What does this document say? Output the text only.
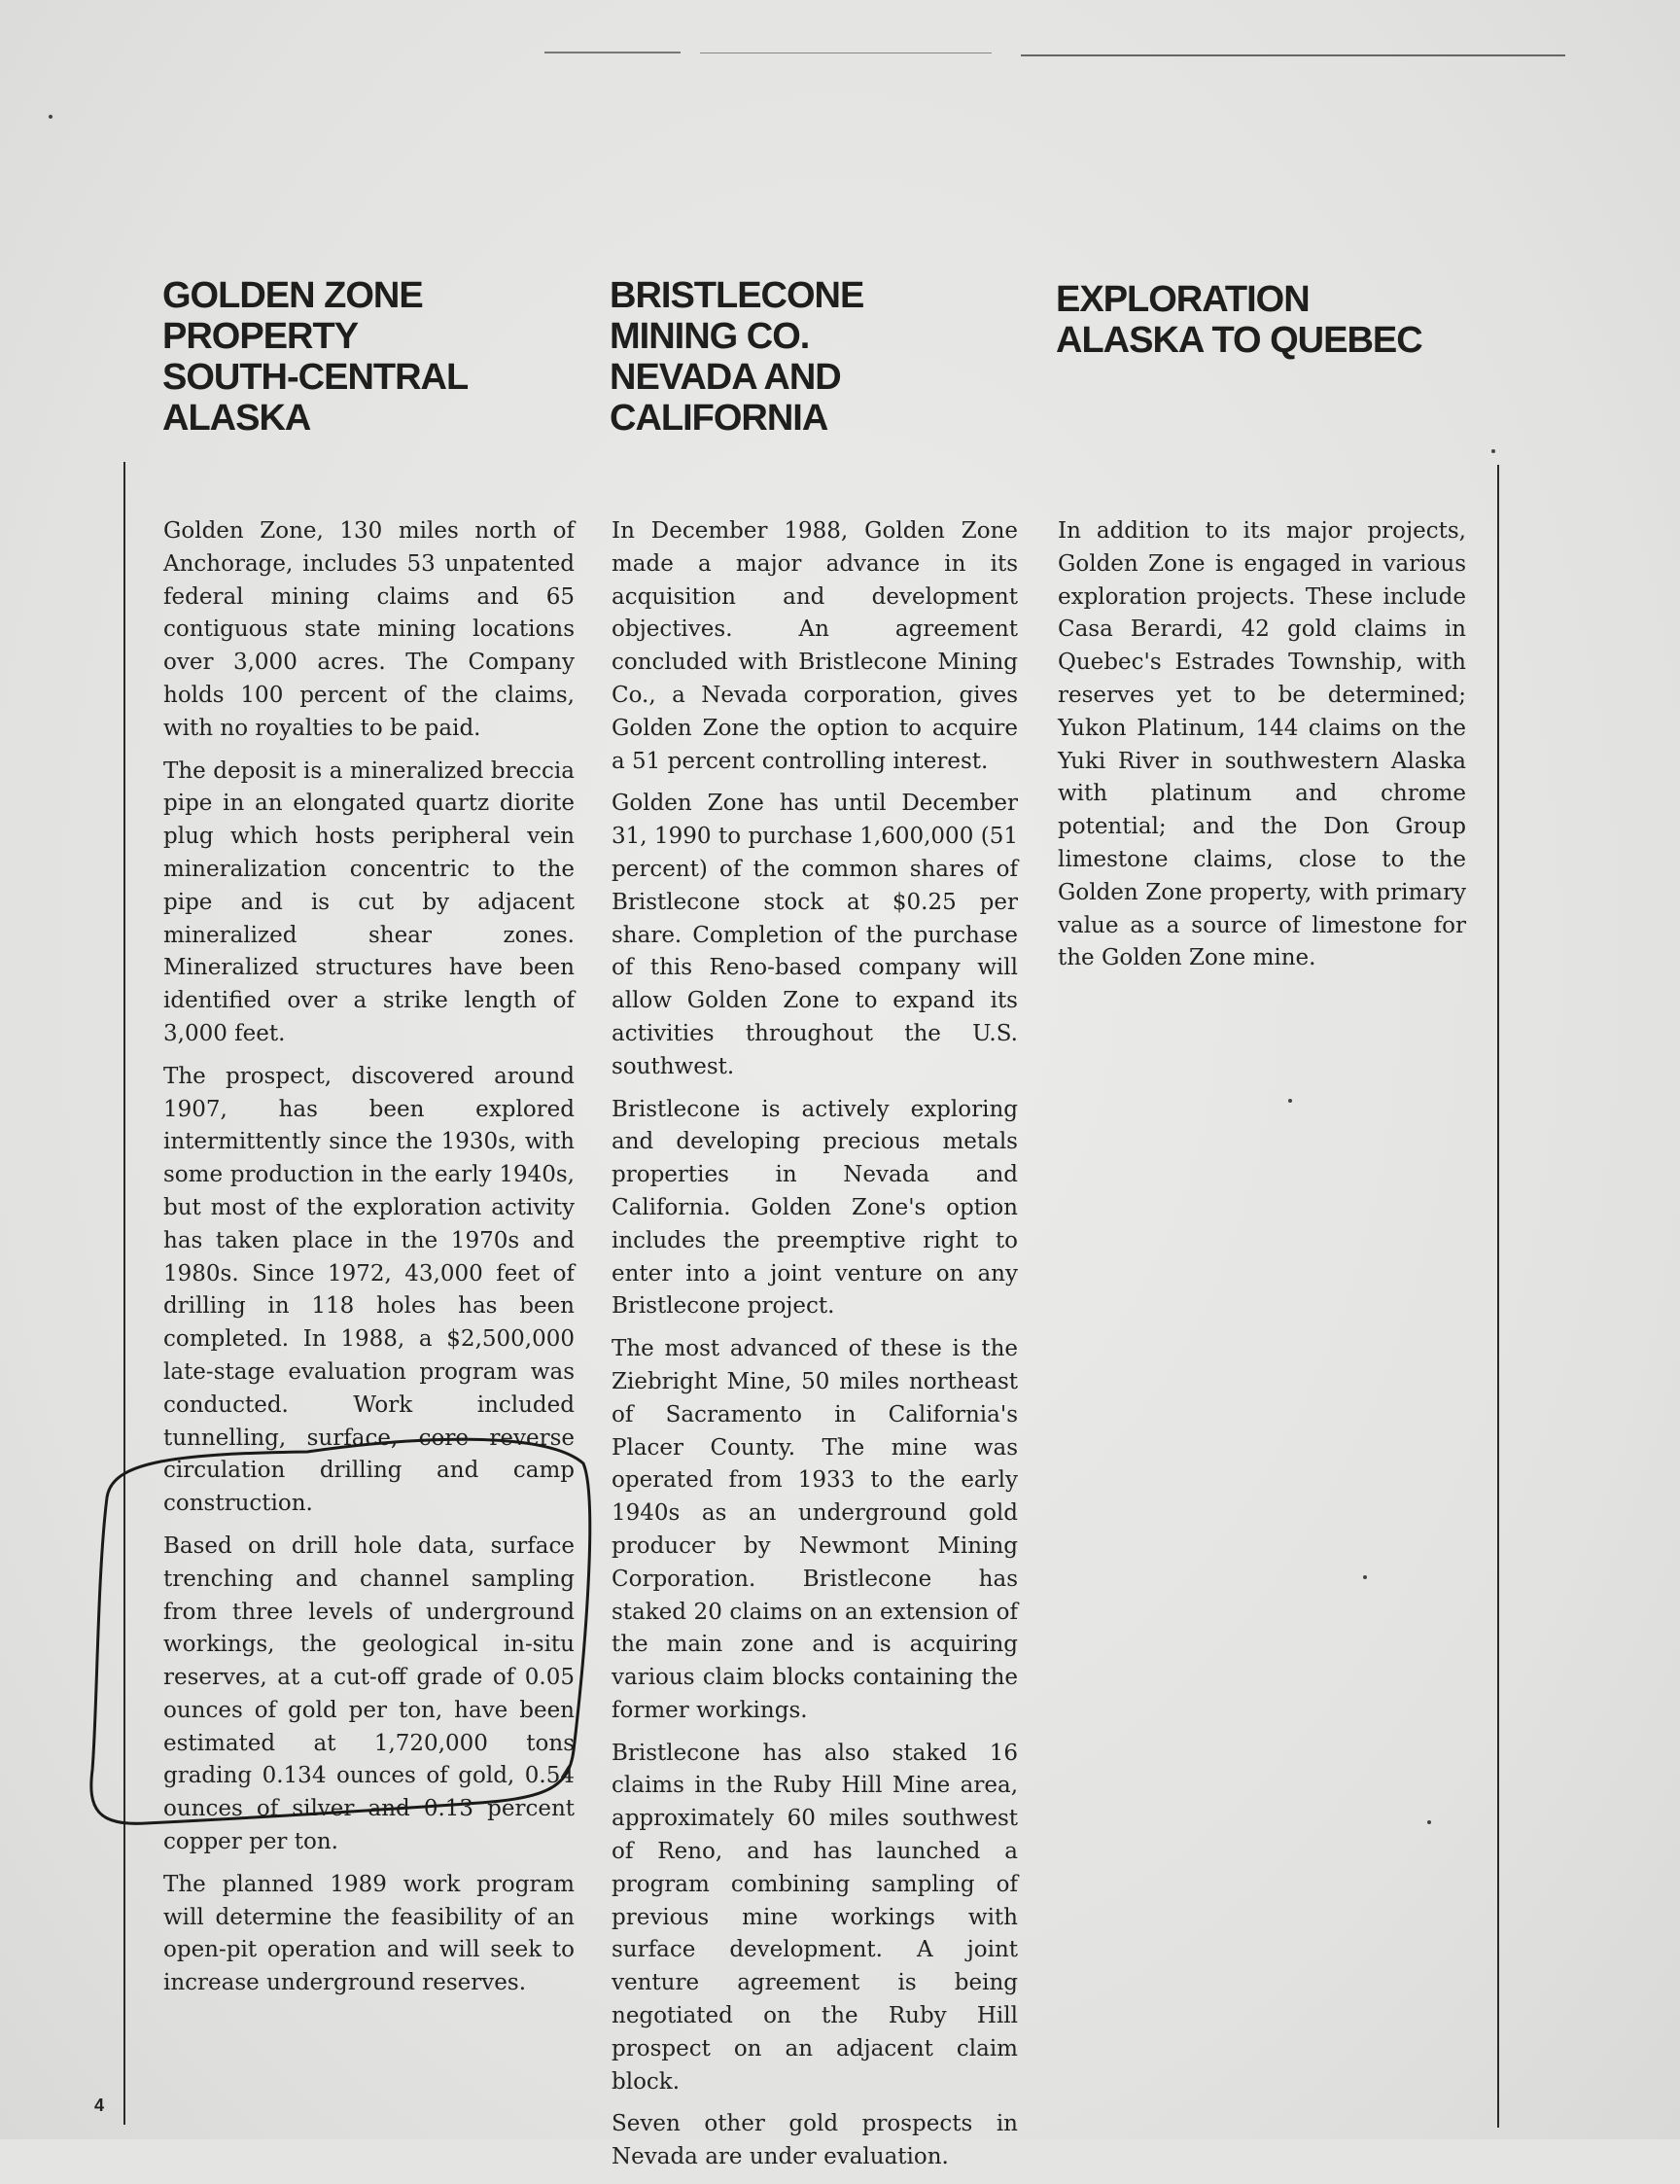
GOLDEN ZONE
PROPERTY
SOUTH-CENTRAL
ALASKA
BRISTLECONE
MINING CO.
NEVADA AND
CALIFORNIA
EXPLORATION
ALASKA TO QUEBEC

Golden Zone, 130 miles north of Anchorage, includes 53 unpatented federal mining claims and 65 contiguous state mining locations over 3,000 acres. The Company holds 100 percent of the claims, with no royalties to be paid.

The deposit is a mineralized breccia pipe in an elongated quartz diorite plug which hosts peripheral vein mineralization concentric to the pipe and is cut by adjacent mineralized shear zones. Mineralized structures have been identified over a strike length of 3,000 feet.

The prospect, discovered around 1907, has been explored intermittently since the 1930s, with some production in the early 1940s, but most of the exploration activity has taken place in the 1970s and 1980s. Since 1972, 43,000 feet of drilling in 118 holes has been completed. In 1988, a $2,500,000 late-stage evaluation program was conducted. Work included tunnelling, surface, core reverse circulation drilling and camp construction.

Based on drill hole data, surface trenching and channel sampling from three levels of underground workings, the geological in-situ reserves, at a cut-off grade of 0.05 ounces of gold per ton, have been estimated at 1,720,000 tons grading 0.134 ounces of gold, 0.54 ounces of silver and 0.13 percent copper per ton.

The planned 1989 work program will determine the feasibility of an open-pit operation and will seek to increase underground reserves.

In December 1988, Golden Zone made a major advance in its acquisition and development objectives. An agreement concluded with Bristlecone Mining Co., a Nevada corporation, gives Golden Zone the option to acquire a 51 percent controlling interest.

Golden Zone has until December 31, 1990 to purchase 1,600,000 (51 percent) of the common shares of Bristlecone stock at $0.25 per share. Completion of the purchase of this Reno-based company will allow Golden Zone to expand its activities throughout the U.S. southwest.

Bristlecone is actively exploring and developing precious metals properties in Nevada and California. Golden Zone's option includes the preemptive right to enter into a joint venture on any Bristlecone project.

The most advanced of these is the Ziebright Mine, 50 miles northeast of Sacramento in California's Placer County. The mine was operated from 1933 to the early 1940s as an underground gold producer by Newmont Mining Corporation. Bristlecone has staked 20 claims on an extension of the main zone and is acquiring various claim blocks containing the former workings.

Bristlecone has also staked 16 claims in the Ruby Hill Mine area, approximately 60 miles southwest of Reno, and has launched a program combining sampling of previous mine workings with surface development. A joint venture agreement is being negotiated on the Ruby Hill prospect on an adjacent claim block.

Seven other gold prospects in Nevada are under evaluation.

In addition to its major projects, Golden Zone is engaged in various exploration projects. These include Casa Berardi, 42 gold claims in Quebec's Estrades Township, with reserves yet to be determined; Yukon Platinum, 144 claims on the Yuki River in southwestern Alaska with platinum and chrome potential; and the Don Group limestone claims, close to the Golden Zone property, with primary value as a source of limestone for the Golden Zone mine.

4
